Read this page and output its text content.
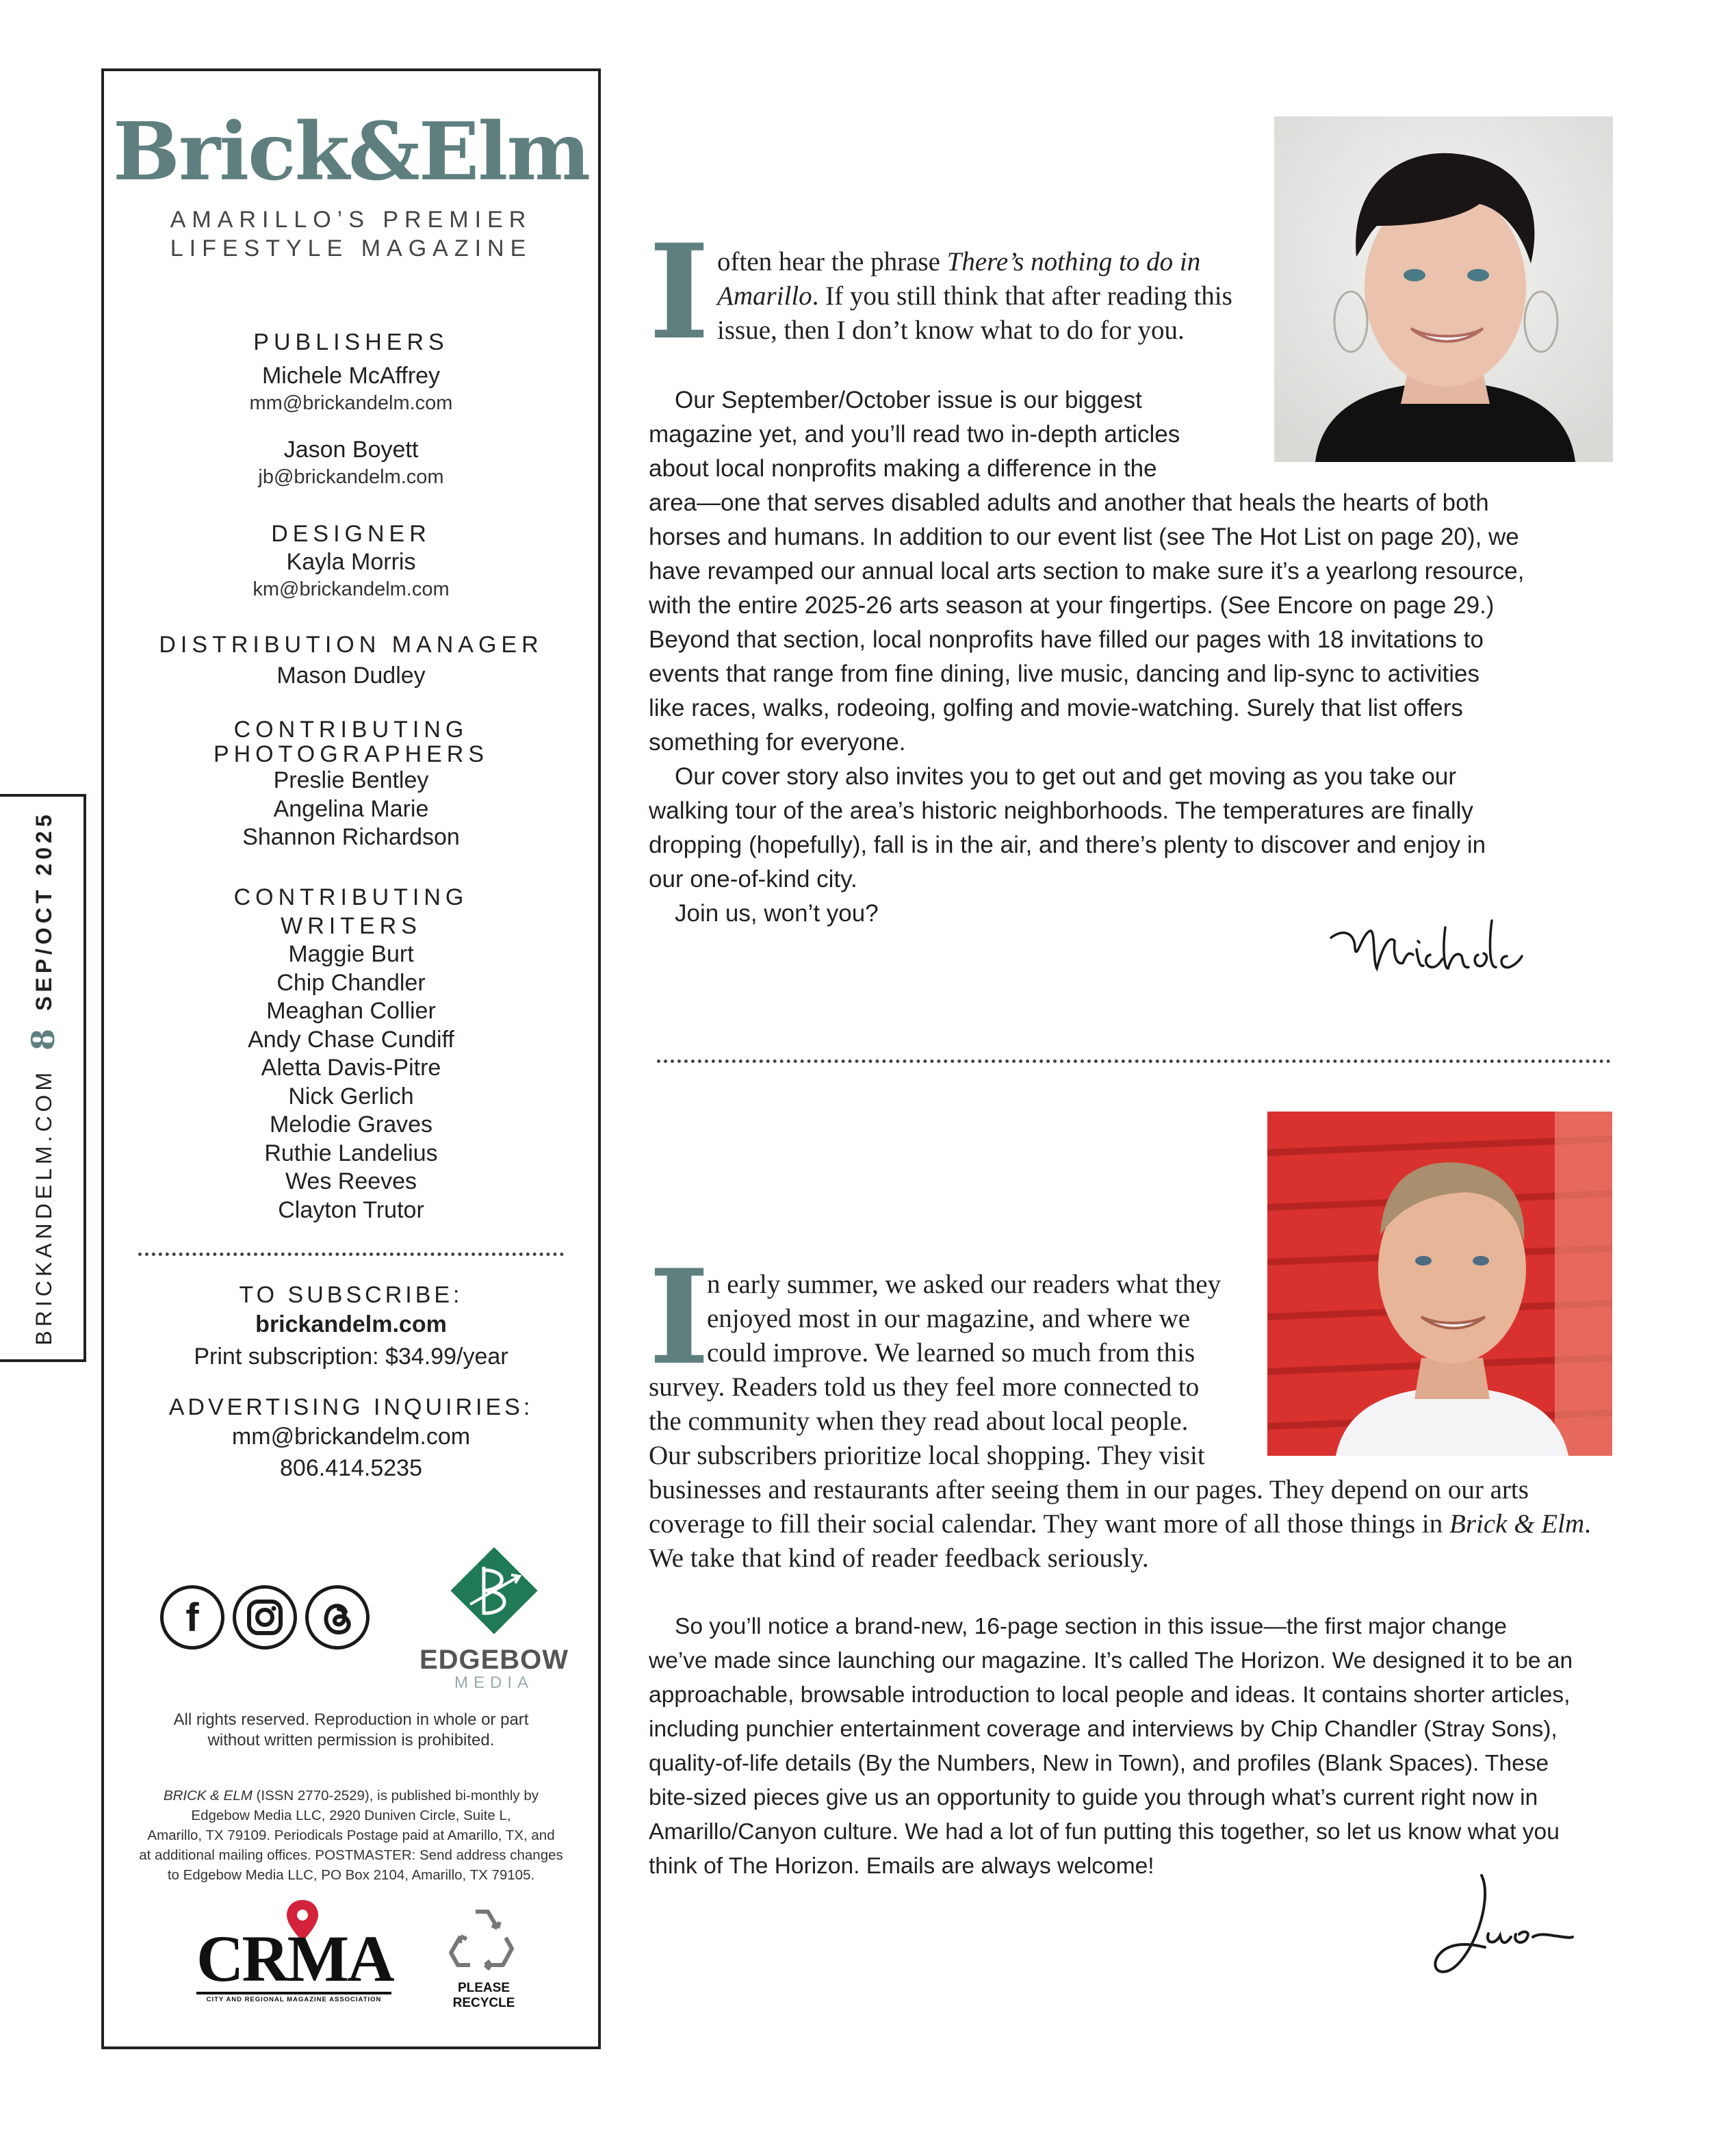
BRICKANDELM.COM8SEP/OCT 2025
Brick&Elm
AMARILLO’S PREMIER
LIFESTYLE MAGAZINE
PUBLISHERS
Michele McAffrey
mm@brickandelm.com
Jason Boyett
jb@brickandelm.com
DESIGNER
Kayla Morris
km@brickandelm.com
DISTRIBUTION MANAGER
Mason Dudley
CONTRIBUTING
PHOTOGRAPHERS
Preslie Bentley
Angelina Marie
Shannon Richardson
CONTRIBUTING
WRITERS
Maggie Burt
Chip Chandler
Meaghan Collier
Andy Chase Cundiff
Aletta Davis-Pitre
Nick Gerlich
Melodie Graves
Ruthie Landelius
Wes Reeves
Clayton Trutor
TO SUBSCRIBE:
brickandelm.com
Print subscription: $34.99/year
ADVERTISING INQUIRIES:
mm@brickandelm.com
806.414.5235
f
EDGEBOW
MEDIA
All rights reserved. Reproduction in whole or part
without written permission is prohibited.
BRICK & ELM (ISSN 2770-2529), is published bi-monthly by
Edgebow Media LLC, 2920 Duniven Circle, Suite L,
Amarillo, TX 79109. Periodicals Postage paid at Amarillo, TX, and
at additional mailing offices. POSTMASTER: Send address changes
to Edgebow Media LLC, PO Box 2104, Amarillo, TX 79105.
CRMA
CITY AND REGIONAL MAGAZINE ASSOCIATION
PLEASE
RECYCLE
I often hear the phrase There’s nothing to do in
Amarillo. If you still think that after reading this
issue, then I don’t know what to do for you.
Our September/October issue is our biggest
magazine yet, and you’ll read two in-depth articles
about local nonprofits making a difference in the
area—one that serves disabled adults and another that heals the hearts of both
horses and humans. In addition to our event list (see The Hot List on page 20), we
have revamped our annual local arts section to make sure it’s a yearlong resource,
with the entire 2025-26 arts season at your fingertips. (See Encore on page 29.)
Beyond that section, local nonprofits have filled our pages with 18 invitations to
events that range from fine dining, live music, dancing and lip-sync to activities
like races, walks, rodeoing, golfing and movie-watching. Surely that list offers
something for everyone.
Our cover story also invites you to get out and get moving as you take our
walking tour of the area’s historic neighborhoods. The temperatures are finally
dropping (hopefully), fall is in the air, and there’s plenty to discover and enjoy in
our one-of-kind city.
Join us, won’t you?
I
n early summer, we asked our readers what they
enjoyed most in our magazine, and where we
could improve. We learned so much from this
survey. Readers told us they feel more connected to
the community when they read about local people.
Our subscribers prioritize local shopping. They visit
businesses and restaurants after seeing them in our pages. They depend on our arts
coverage to fill their social calendar. They want more of all those things in Brick & Elm.
We take that kind of reader feedback seriously.
So you’ll notice a brand-new, 16-page section in this issue—the first major change
we’ve made since launching our magazine. It’s called The Horizon. We designed it to be an
approachable, browsable introduction to local people and ideas. It contains shorter articles,
including punchier entertainment coverage and interviews by Chip Chandler (Stray Sons),
quality-of-life details (By the Numbers, New in Town), and profiles (Blank Spaces). These
bite-sized pieces give us an opportunity to guide you through what’s current right now in
Amarillo/Canyon culture. We had a lot of fun putting this together, so let us know what you
think of The Horizon. Emails are always welcome!
